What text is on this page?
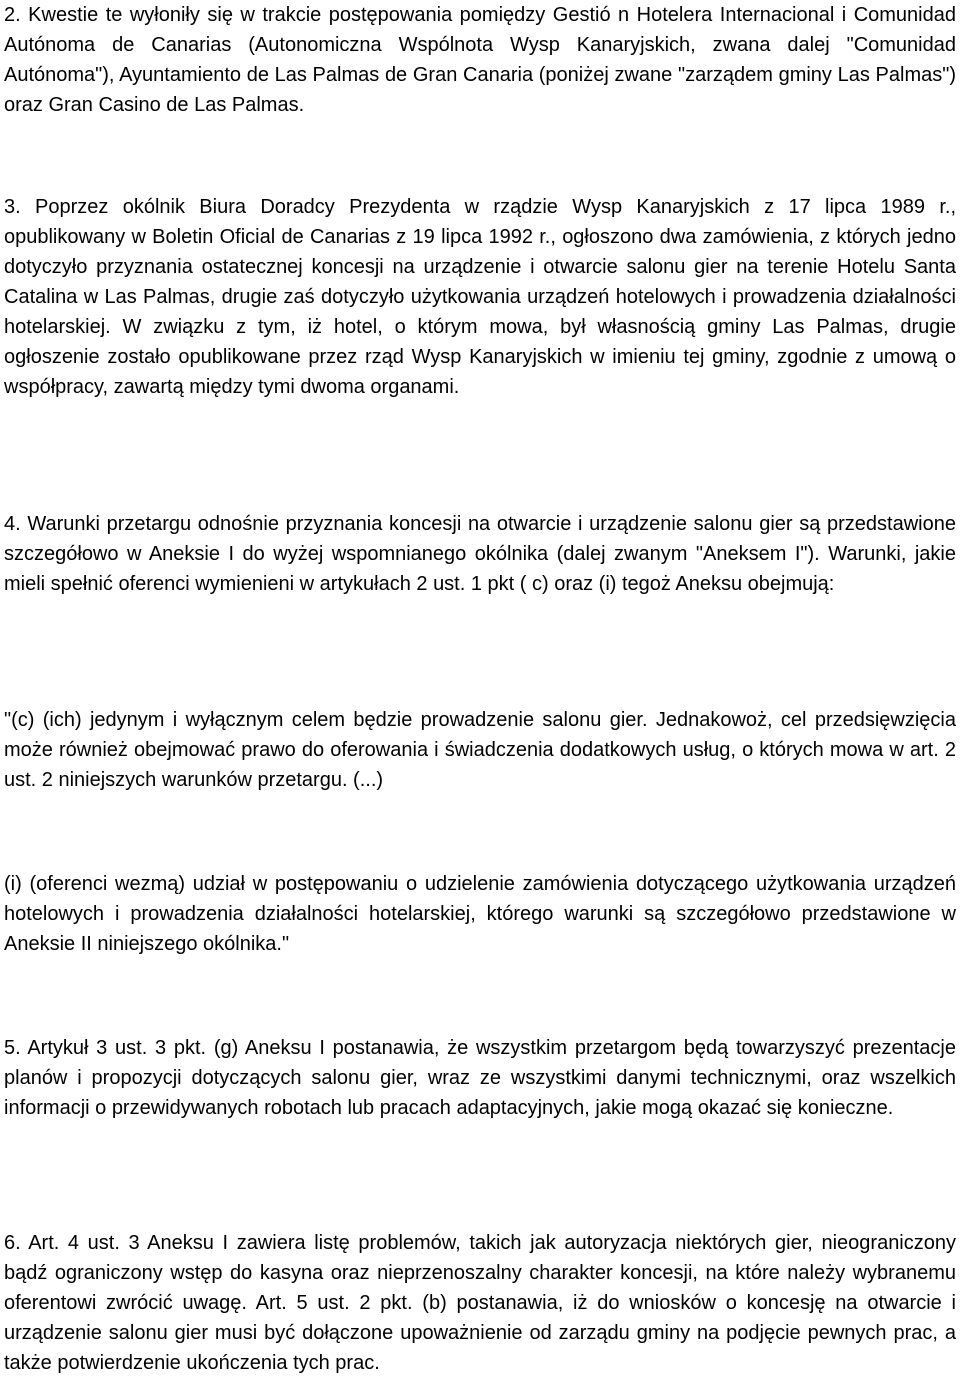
2. Kwestie te wyłoniły się w trakcie postępowania pomiędzy Gestió n Hotelera Internacional i Comunidad Autónoma de Canarias (Autonomiczna Wspólnota Wysp Kanaryjskich, zwana dalej "Comunidad Autónoma"), Ayuntamiento de Las Palmas de Gran Canaria (poniżej zwane "zarządem gminy Las Palmas") oraz Gran Casino de Las Palmas.

3. Poprzez okólnik Biura Doradcy Prezydenta w rządzie Wysp Kanaryjskich z 17 lipca 1989 r., opublikowany w Boletin Oficial de Canarias z 19 lipca 1992 r., ogłoszono dwa zamówienia, z których jedno dotyczyło przyznania ostatecznej koncesji na urządzenie i otwarcie salonu gier na terenie Hotelu Santa Catalina w Las Palmas, drugie zaś dotyczyło użytkowania urządzeń hotelowych i prowadzenia działalności hotelarskiej. W związku z tym, iż hotel, o którym mowa, był własnością gminy Las Palmas, drugie ogłoszenie zostało opublikowane przez rząd Wysp Kanaryjskich w imieniu tej gminy, zgodnie z umową o współpracy, zawartą między tymi dwoma organami.

4. Warunki przetargu odnośnie przyznania koncesji na otwarcie i urządzenie salonu gier są przedstawione szczegółowo w Aneksie I do wyżej wspomnianego okólnika (dalej zwanym "Aneksem I"). Warunki, jakie mieli spełnić oferenci wymienieni w artykułach 2 ust. 1 pkt ( c) oraz (i) tegoż Aneksu obejmują:

"(c) (ich) jedynym i wyłącznym celem będzie prowadzenie salonu gier. Jednakowoż, cel przedsięwzięcia może również obejmować prawo do oferowania i świadczenia dodatkowych usług, o których mowa w art. 2 ust. 2 niniejszych warunków przetargu. (...)

(i) (oferenci wezmą) udział w postępowaniu o udzielenie zamówienia dotyczącego użytkowania urządzeń hotelowych i prowadzenia działalności hotelarskiej, którego warunki są szczegółowo przedstawione w Aneksie II niniejszego okólnika."

5. Artykuł 3 ust. 3 pkt. (g) Aneksu I postanawia, że wszystkim przetargom będą towarzyszyć prezentacje planów i propozycji dotyczących salonu gier, wraz ze wszystkimi danymi technicznymi, oraz wszelkich informacji o przewidywanych robotach lub pracach adaptacyjnych, jakie mogą okazać się konieczne.

6. Art. 4 ust. 3 Aneksu I zawiera listę problemów, takich jak autoryzacja niektórych gier, nieograniczony bądź ograniczony wstęp do kasyna oraz nieprzenoszalny charakter koncesji, na które należy wybranemu oferentowi zwrócić uwagę. Art. 5 ust. 2 pkt. (b) postanawia, iż do wniosków o koncesję na otwarcie i urządzenie salonu gier musi być dołączone upoważnienie od zarządu gminy na podjęcie pewnych prac, a także potwierdzenie ukończenia tych prac.
